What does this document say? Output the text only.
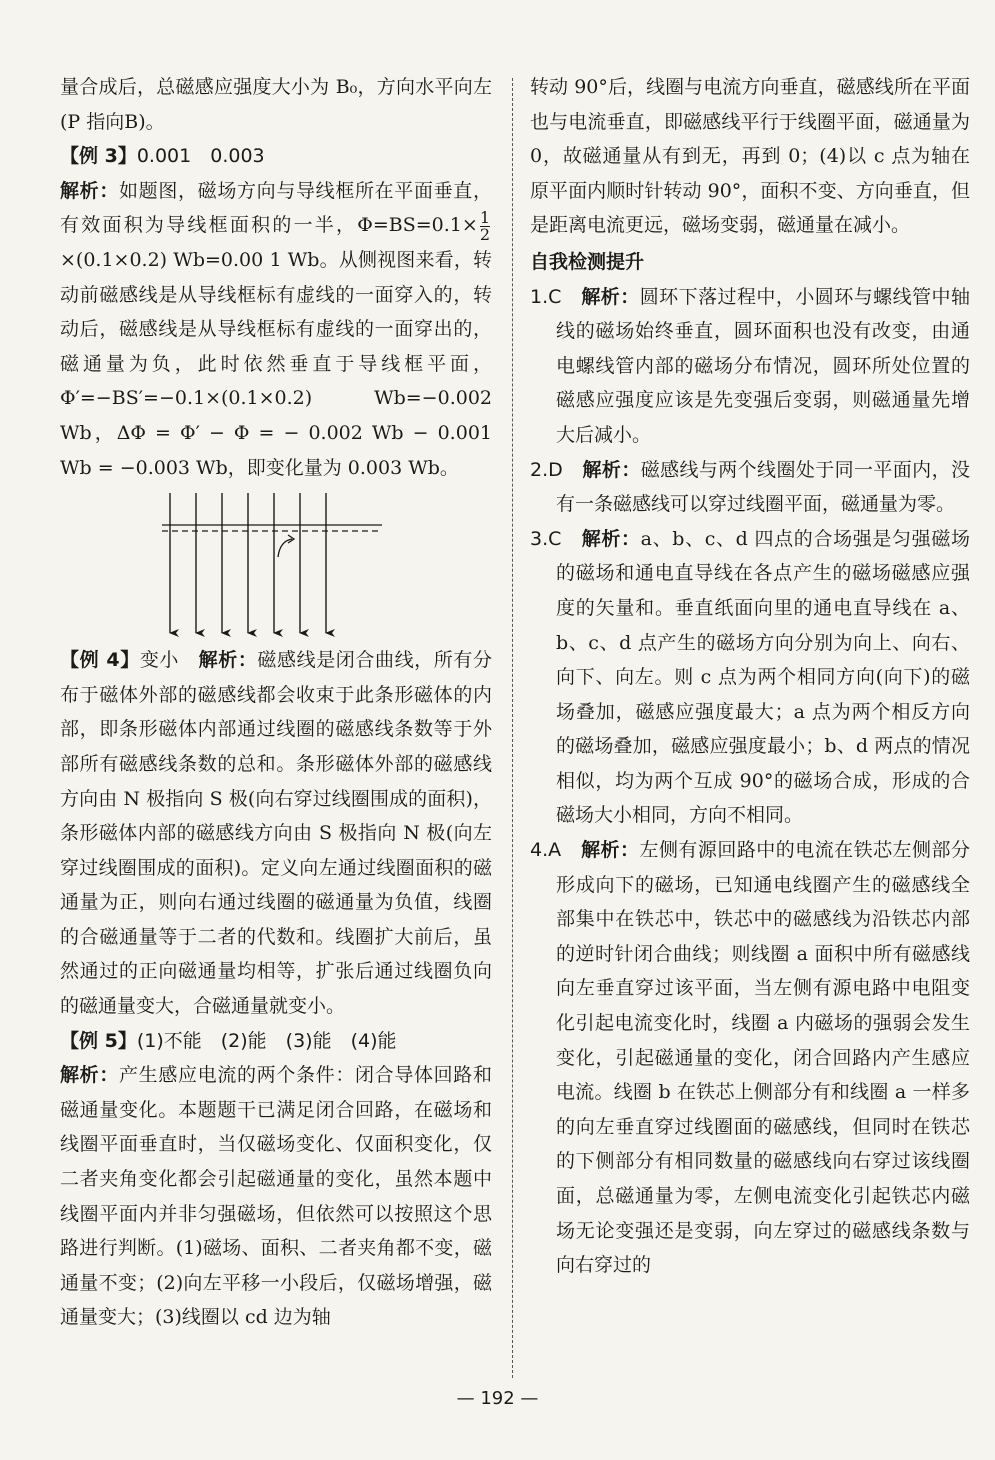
量合成后，总磁感应强度大小为 B₀，方向水平向左(P 指向B)。

【例 3】0.001　0.003

解析：如题图，磁场方向与导线框所在平面垂直，有效面积为导线框面积的一半，$\Phi=BS=0.1\times \frac{1}{2}$
×(0.1×0.2) Wb=0.00 1 Wb。从侧视图来看，转动前磁感线是从导线框标有虚线的一面穿入的，转动后，磁感线是从导线框标有虚线的一面穿出的，磁通量为负，此时依然垂直于导线框平面，Φ′=−BS′=−0.1×(0.1×0.2) Wb=−0.002 Wb，ΔΦ = Φ′ − Φ = − 0.002 Wb − 0.001 Wb = −0.003 Wb，即变化量为 0.003 Wb。

【例 4】变小　 解析：磁感线是闭合曲线，所有分布于磁体外部的磁感线都会收束于此条形磁体的内部，即条形磁体内部通过线圈的磁感线条数等于外部所有磁感线条数的总和。条形磁体外部的磁感线方向由 N 极指向 S 极(向右穿过线圈围成的面积)，条形磁体内部的磁感线方向由 S 极指向 N 极(向左穿过线圈围成的面积)。定义向左通过线圈面积的磁通量为正，则向右通过线圈的磁通量为负值，线圈的合磁通量等于二者的代数和。线圈扩大前后，虽然通过的正向磁通量均相等，扩张后通过线圈负向的磁通量变大，合磁通量就变小。

【例 5】(1)不能　(2)能　(3)能　(4)能

解析：产生感应电流的两个条件：闭合导体回路和磁通量变化。本题题干已满足闭合回路，在磁场和线圈平面垂直时，当仅磁场变化、仅面积变化，仅二者夹角变化都会引起磁通量的变化，虽然本题中线圈平面内并非匀强磁场，但依然可以按照这个思路进行判断。(1)磁场、面积、二者夹角都不变，磁通量不变；(2)向左平移一小段后，仅磁场增强，磁通量变大；(3)线圈以 cd 边为轴

转动 90°后，线圈与电流方向垂直，磁感线所在平面也与电流垂直，即磁感线平行于线圈平面，磁通量为 0，故磁通量从有到无，再到 0；(4)以 c 点为轴在原平面内顺时针转动 90°，面积不变、方向垂直，但是距离电流更远，磁场变弱，磁通量在减小。

自我检测提升

1.C　 解析：圆环下落过程中，小圆环与螺线管中轴线的磁场始终垂直，圆环面积也没有改变，由通电螺线管内部的磁场分布情况，圆环所处位置的磁感应强度应该是先变强后变弱，则磁通量先增大后减小。

2.D　 解析：磁感线与两个线圈处于同一平面内，没有一条磁感线可以穿过线圈平面，磁通量为零。

3.C　 解析：a、b、c、d 四点的合场强是匀强磁场的磁场和通电直导线在各点产生的磁场磁感应强度的矢量和。垂直纸面向里的通电直导线在 a、b、c、d 点产生的磁场方向分别为向上、向右、向下、向左。则 c 点为两个相同方向(向下)的磁场叠加，磁感应强度最大；a 点为两个相反方向的磁场叠加，磁感应强度最小；b、d 两点的情况相似，均为两个互成 90°的磁场合成，形成的合磁场大小相同，方向不相同。

4.A　 解析：左侧有源回路中的电流在铁芯左侧部分形成向下的磁场，已知通电线圈产生的磁感线全部集中在铁芯中，铁芯中的磁感线为沿铁芯内部的逆时针闭合曲线；则线圈 a 面积中所有磁感线向左垂直穿过该平面，当左侧有源电路中电阻变化引起电流变化时，线圈 a 内磁场的强弱会发生变化，引起磁通量的变化，闭合回路内产生感应电流。线圈 b 在铁芯上侧部分有和线圈 a 一样多的向左垂直穿过线圈面的磁感线，但同时在铁芯的下侧部分有相同数量的磁感线向右穿过该线圈面，总磁通量为零，左侧电流变化引起铁芯内磁场无论变强还是变弱，向左穿过的磁感线条数与向右穿过的

— 192 —
